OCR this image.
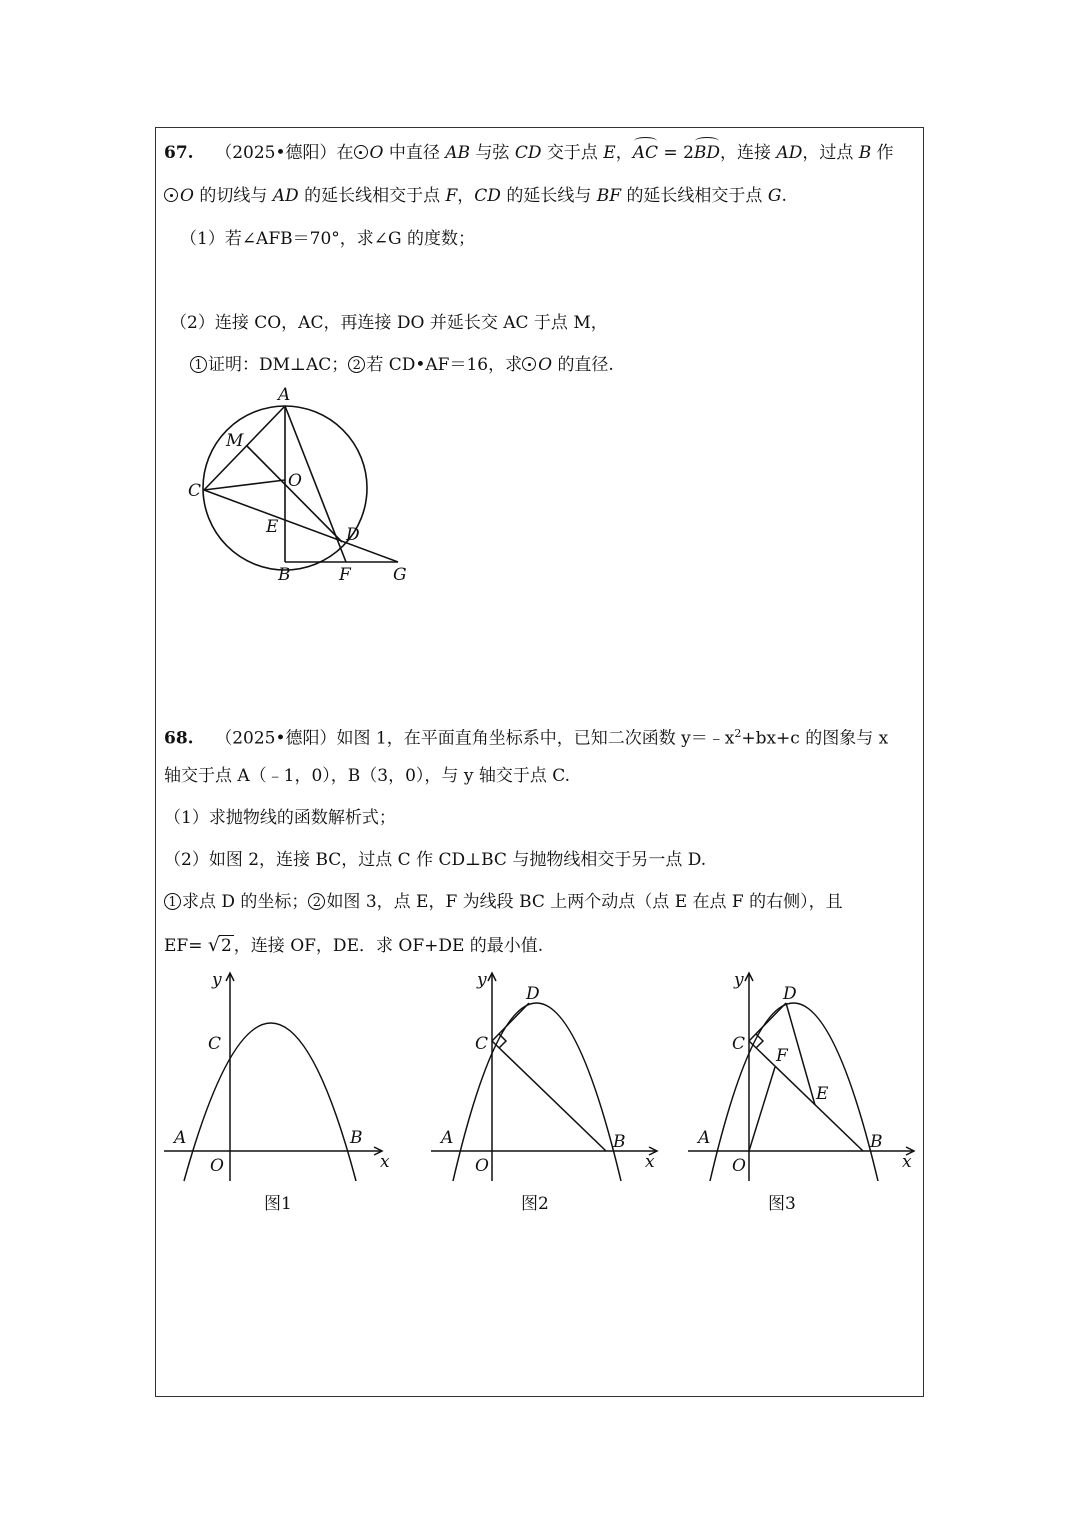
67. （2025•德阳）在 O 中直径 AB 与弦 CD 交于点 E，AC = 2BD，连接 AD，过点 B 作
O 的切线与 AD 的延长线相交于点 F，CD 的延长线与 BF 的延长线相交于点 G.
（1）若∠AFB＝70°，求∠G 的度数；
（2）连接 CO，AC，再连接 DO 并延长交 AC 于点 M，
1 证明：DM⊥AC； 2 若 CD•AF＝16，求 O 的直径.
A
M
O
C
E	D
B	F G
68. （2025•德阳）如图 1，在平面直角坐标系中，已知二次函数 $y=﹣x^2+bx+c$ 的图象与 x
轴交于点 A（﹣1，0），B（3，0），与 y 轴交于点 C.
（1）求抛物线的函数解析式；
（2）如图 2，连接 BC，过点 C 作 CD⊥BC 与抛物线相交于另一点 D.
1 求点 D 的坐标； 2 如图 3，点 E，F 为线段 BC 上两个动点（点 E 在点 F 的右侧），且
EF= √2 ，连接 OF，DE．求 OF+DE 的最小值.
y
x
O
C
A	B
图1
y
x
O
C
D
A	B
图2
y
x
O
C
D
F
E
A	B
图3
